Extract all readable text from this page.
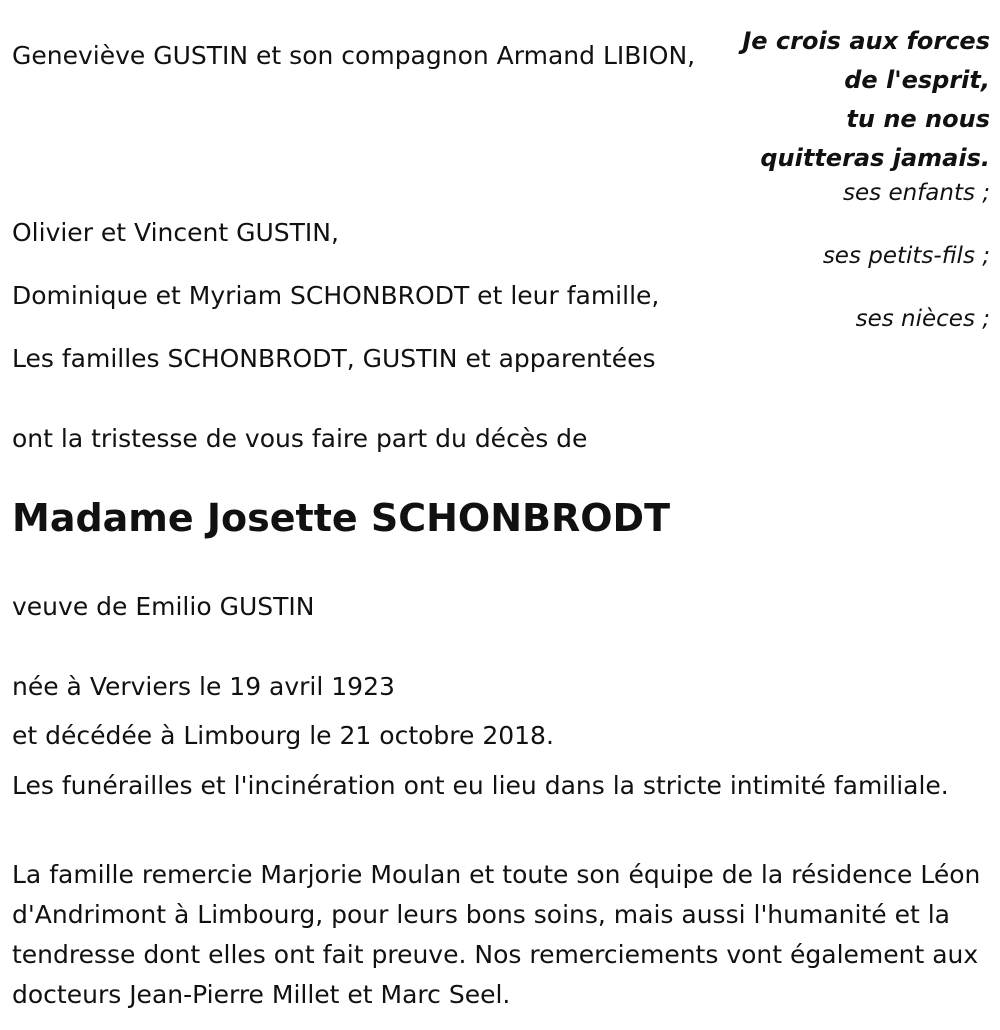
Je crois aux forces
de l'esprit,
tu ne nous
quitteras jamais.
Geneviève GUSTIN et son compagnon Armand LIBION,
ses enfants ;
Olivier et Vincent GUSTIN,
ses petits-fils ;
Dominique et Myriam SCHONBRODT et leur famille,
ses nièces ;
Les familles SCHONBRODT, GUSTIN et apparentées
ont la tristesse de vous faire part du décès de
Madame Josette SCHONBRODT
veuve de Emilio GUSTIN
née à Verviers le 19 avril 1923
et décédée à Limbourg le 21 octobre 2018.
Les funérailles et l'incinération ont eu lieu dans la stricte intimité familiale.
La famille remercie Marjorie Moulan et toute son équipe de la résidence Léon d'Andrimont à Limbourg, pour leurs bons soins, mais aussi l'humanité et la tendresse dont elles ont fait preuve. Nos remerciements vont également aux docteurs Jean-Pierre Millet et Marc Seel.
